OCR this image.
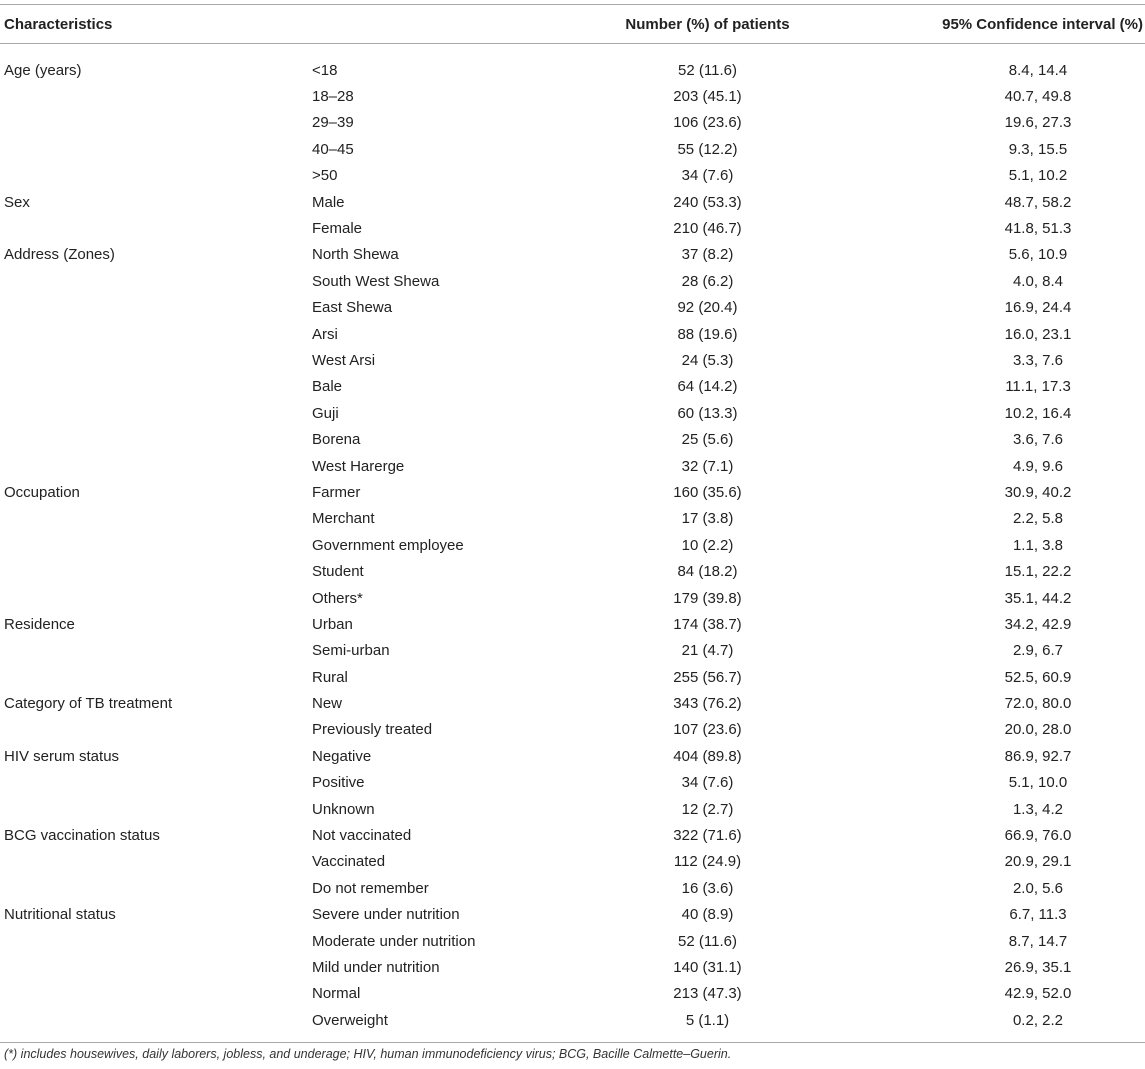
Characteristics		Number (%) of patients	95% Confidence interval (%)
Age (years)	<18	52 (11.6)	8.4, 14.4
	18–28	203 (45.1)	40.7, 49.8
	29–39	106 (23.6)	19.6, 27.3
	40–45	55 (12.2)	9.3, 15.5
	>50	34 (7.6)	5.1, 10.2
Sex	Male	240 (53.3)	48.7, 58.2
	Female	210 (46.7)	41.8, 51.3
Address (Zones)	North Shewa	37 (8.2)	5.6, 10.9
	South West Shewa	28 (6.2)	4.0, 8.4
	East Shewa	92 (20.4)	16.9, 24.4
	Arsi	88 (19.6)	16.0, 23.1
	West Arsi	24 (5.3)	3.3, 7.6
	Bale	64 (14.2)	11.1, 17.3
	Guji	60 (13.3)	10.2, 16.4
	Borena	25 (5.6)	3.6, 7.6
	West Harerge	32 (7.1)	4.9, 9.6
Occupation	Farmer	160 (35.6)	30.9, 40.2
	Merchant	17 (3.8)	2.2, 5.8
	Government employee	10 (2.2)	1.1, 3.8
	Student	84 (18.2)	15.1, 22.2
	Others*	179 (39.8)	35.1, 44.2
Residence	Urban	174 (38.7)	34.2, 42.9
	Semi-urban	21 (4.7)	2.9, 6.7
	Rural	255 (56.7)	52.5, 60.9
Category of TB treatment	New	343 (76.2)	72.0, 80.0
	Previously treated	107 (23.6)	20.0, 28.0
HIV serum status	Negative	404 (89.8)	86.9, 92.7
	Positive	34 (7.6)	5.1, 10.0
	Unknown	12 (2.7)	1.3, 4.2
BCG vaccination status	Not vaccinated	322 (71.6)	66.9, 76.0
	Vaccinated	112 (24.9)	20.9, 29.1
	Do not remember	16 (3.6)	2.0, 5.6
Nutritional status	Severe under nutrition	40 (8.9)	6.7, 11.3
	Moderate under nutrition	52 (11.6)	8.7, 14.7
	Mild under nutrition	140 (31.1)	26.9, 35.1
	Normal	213 (47.3)	42.9, 52.0
	Overweight	5 (1.1)	0.2, 2.2
(*) includes housewives, daily laborers, jobless, and underage; HIV, human immunodeficiency virus; BCG, Bacille Calmette–Guerin.
